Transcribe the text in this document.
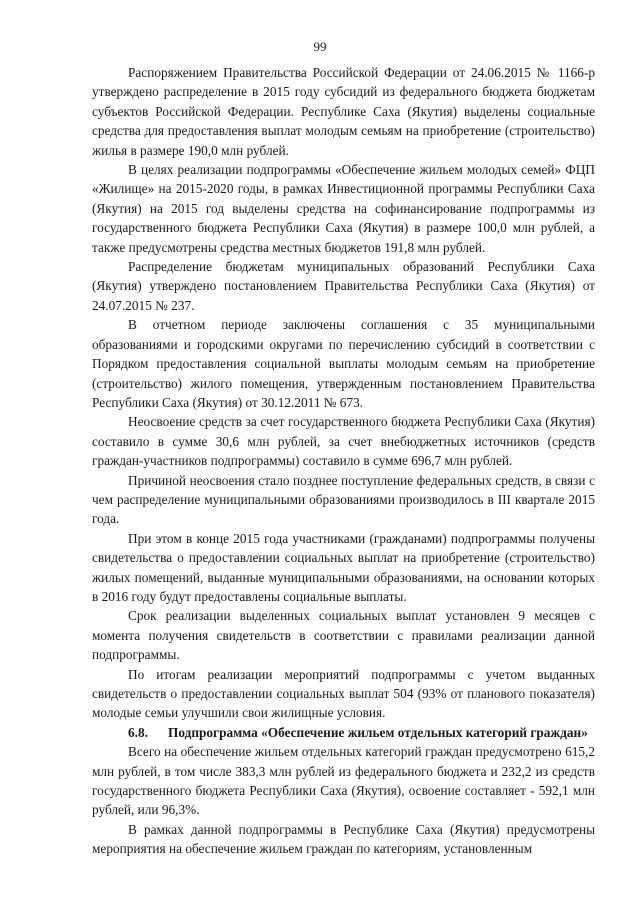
99

Распоряжением Правительства Российской Федерации от 24.06.2015 № 1166-р утверждено распределение в 2015 году субсидий из федерального бюджета бюджетам субъектов Российской Федерации. Республике Саха (Якутия) выделены социальные средства для предоставления выплат молодым семьям на приобретение (строительство) жилья в размере 190,0 млн рублей.

В целях реализации подпрограммы «Обеспечение жильем молодых семей» ФЦП «Жилище» на 2015-2020 годы, в рамках Инвестиционной программы Республики Саха (Якутия) на 2015 год выделены средства на софинансирование подпрограммы из государственного бюджета Республики Саха (Якутия) в размере 100,0 млн рублей, а также предусмотрены средства местных бюджетов 191,8 млн рублей.

Распределение бюджетам муниципальных образований Республики Саха (Якутия) утверждено постановлением Правительства Республики Саха (Якутия) от 24.07.2015 № 237.

В отчетном периоде заключены соглашения с 35 муниципальными образованиями и городскими округами по перечислению субсидий в соответствии с Порядком предоставления социальной выплаты молодым семьям на приобретение (строительство) жилого помещения, утвержденным постановлением Правительства Республики Саха (Якутия) от 30.12.2011 № 673.

Неосвоение средств за счет государственного бюджета Республики Саха (Якутия) составило в сумме 30,6 млн рублей, за счет внебюджетных источников (средств граждан-участников подпрограммы) составило в сумме 696,7 млн рублей.

Причиной неосвоения стало позднее поступление федеральных средств, в связи с чем распределение муниципальными образованиями производилось в III квартале 2015 года.

При этом в конце 2015 года участниками (гражданами) подпрограммы получены свидетельства о предоставлении социальных выплат на приобретение (строительство) жилых помещений, выданные муниципальными образованиями, на основании которых в 2016 году будут предоставлены социальные выплаты.

Срок реализации выделенных социальных выплат установлен 9 месяцев с момента получения свидетельств в соответствии с правилами реализации данной подпрограммы.

По итогам реализации мероприятий подпрограммы с учетом выданных свидетельств о предоставлении социальных выплат 504 (93% от планового показателя) молодые семьи улучшили свои жилищные условия.

6.8. Подпрограмма «Обеспечение жильем отдельных категорий граждан»

Всего на обеспечение жильем отдельных категорий граждан предусмотрено 615,2 млн рублей, в том числе 383,3 млн рублей из федерального бюджета и 232,2 из средств государственного бюджета Республики Саха (Якутия), освоение составляет - 592,1 млн рублей, или 96,3%.

В рамках данной подпрограммы в Республике Саха (Якутия) предусмотрены мероприятия на обеспечение жильем граждан по категориям, установленным
